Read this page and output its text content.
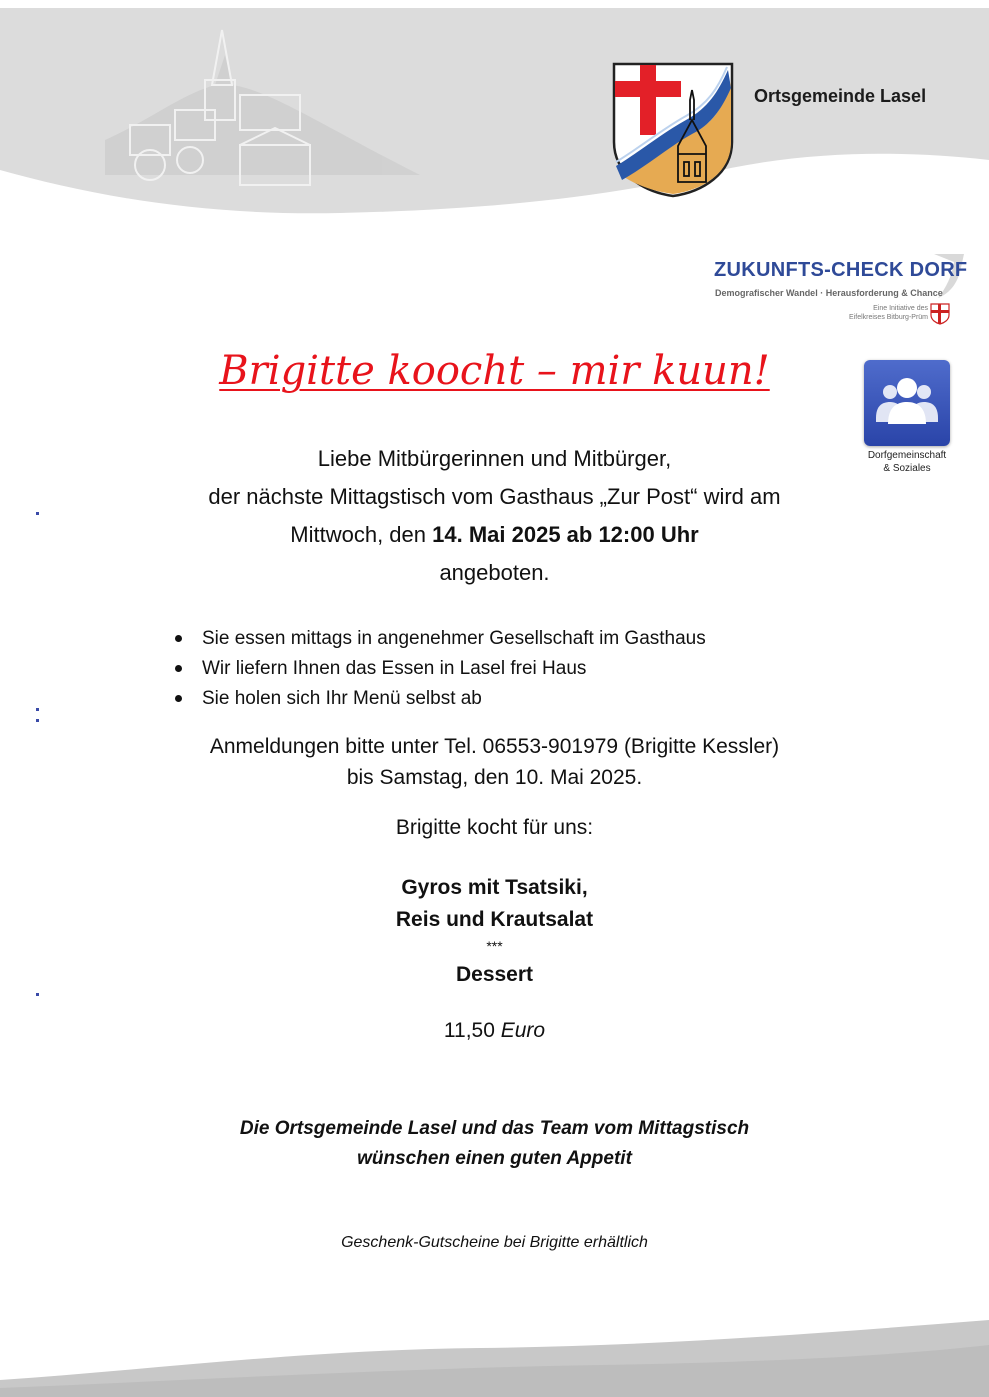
Ortsgemeinde Lasel
ZUKUNFTS-CHECK DORF
Demografischer Wandel · Herausforderung & Chance
Eine Initiative des
Eifelkreises Bitburg-Prüm
Dorfgemeinschaft
& Soziales
Brigitte koocht – mir kuun!

Liebe Mitbürgerinnen und Mitbürger,

der nächste Mittagstisch vom Gasthaus „Zur Post“ wird am

Mittwoch, den 14. Mai 2025 ab 12:00 Uhr

angeboten.

Sie essen mittags in angenehmer Gesellschaft im Gasthaus
Wir liefern Ihnen das Essen in Lasel frei Haus
Sie holen sich Ihr Menü selbst ab

Anmeldungen bitte unter Tel. 06553-901979 (Brigitte Kessler)

bis Samstag, den 10. Mai 2025.

Brigitte kocht für uns:
Gyros mit Tsatsiki,
Reis und Krautsalat
***
Dessert
11,50 Euro

Die Ortsgemeinde Lasel und das Team vom Mittagstisch

wünschen einen guten Appetit

Geschenk-Gutscheine bei Brigitte erhältlich
